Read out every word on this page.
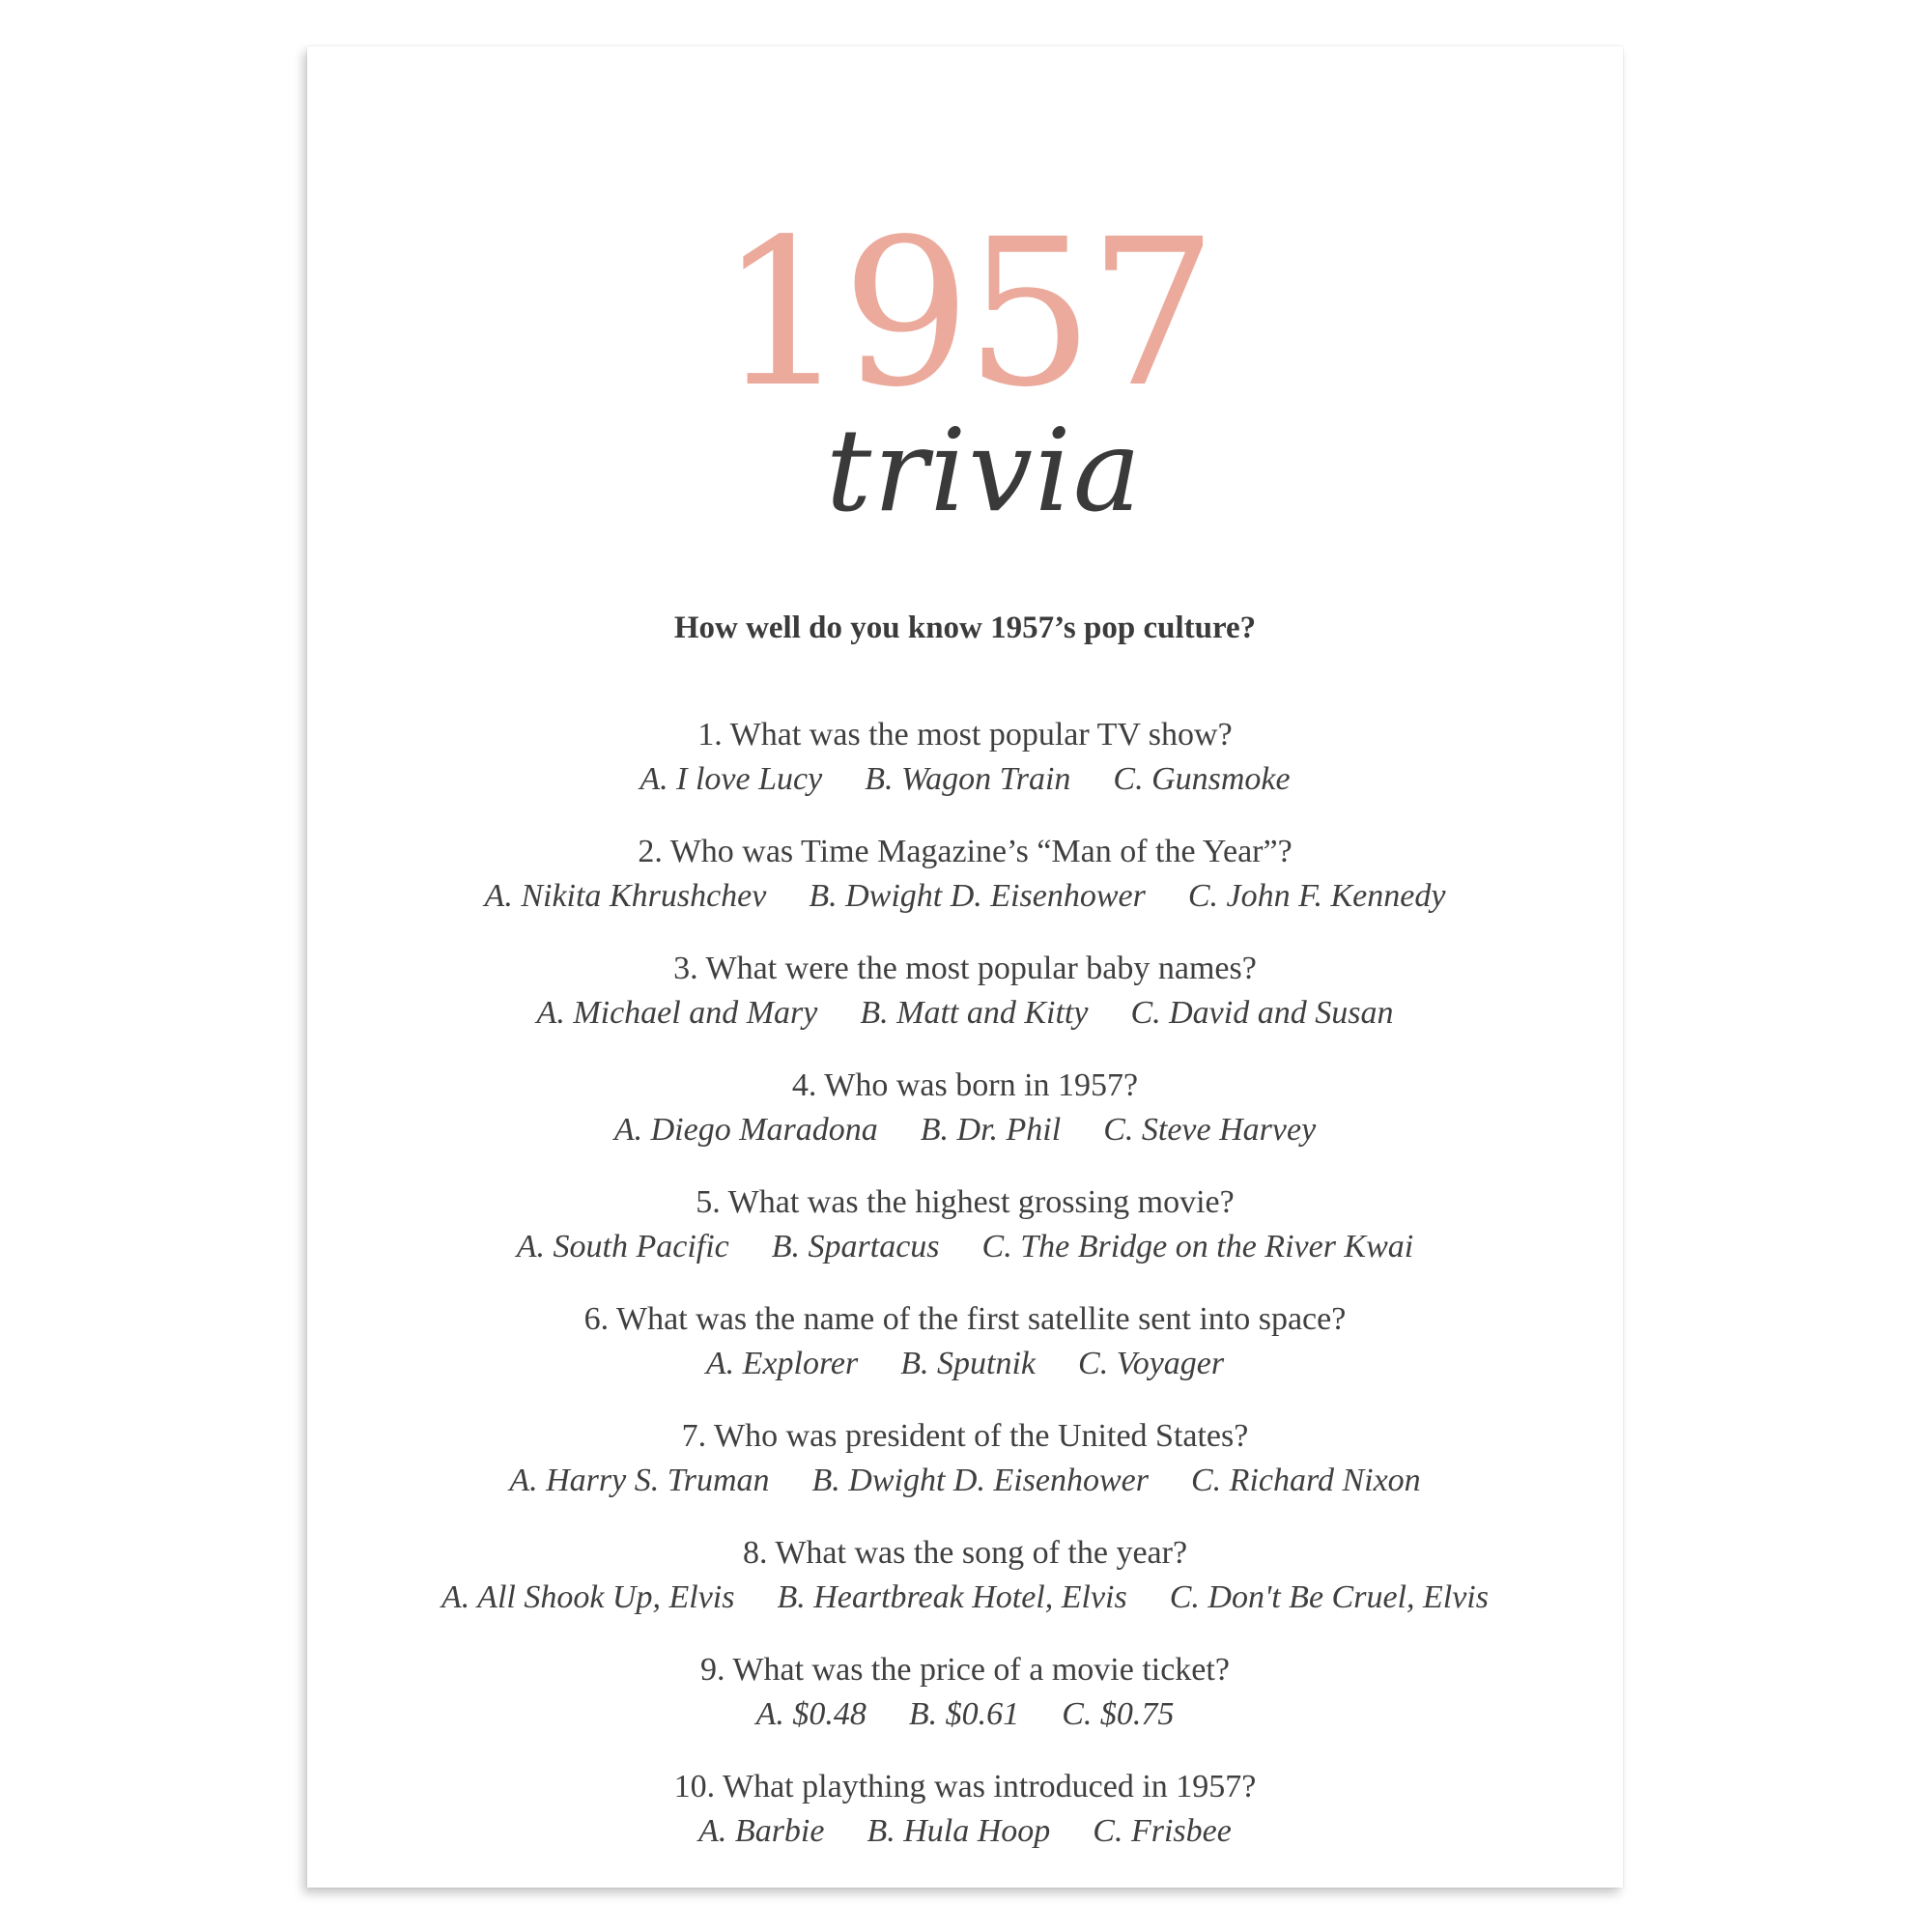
1957
trivia
How well do you know 1957’s pop culture?
1. What was the most popular TV show?
A. I love Lucy B. Wagon Train C. Gunsmoke
2. Who was Time Magazine’s “Man of the Year”?
A. Nikita Khrushchev B. Dwight D. Eisenhower C. John F. Kennedy
3. What were the most popular baby names?
A. Michael and Mary B. Matt and Kitty C. David and Susan
4. Who was born in 1957?
A. Diego Maradona B. Dr. Phil C. Steve Harvey
5. What was the highest grossing movie?
A. South Pacific B. Spartacus C. The Bridge on the River Kwai
6. What was the name of the first satellite sent into space?
A. Explorer B. Sputnik C. Voyager
7. Who was president of the United States?
A. Harry S. Truman B. Dwight D. Eisenhower C. Richard Nixon
8. What was the song of the year?
A. All Shook Up, Elvis B. Heartbreak Hotel, Elvis C. Don't Be Cruel, Elvis
9. What was the price of a movie ticket?
A. $0.48 B. $0.61 C. $0.75
10. What plaything was introduced in 1957?
A. Barbie B. Hula Hoop C. Frisbee
